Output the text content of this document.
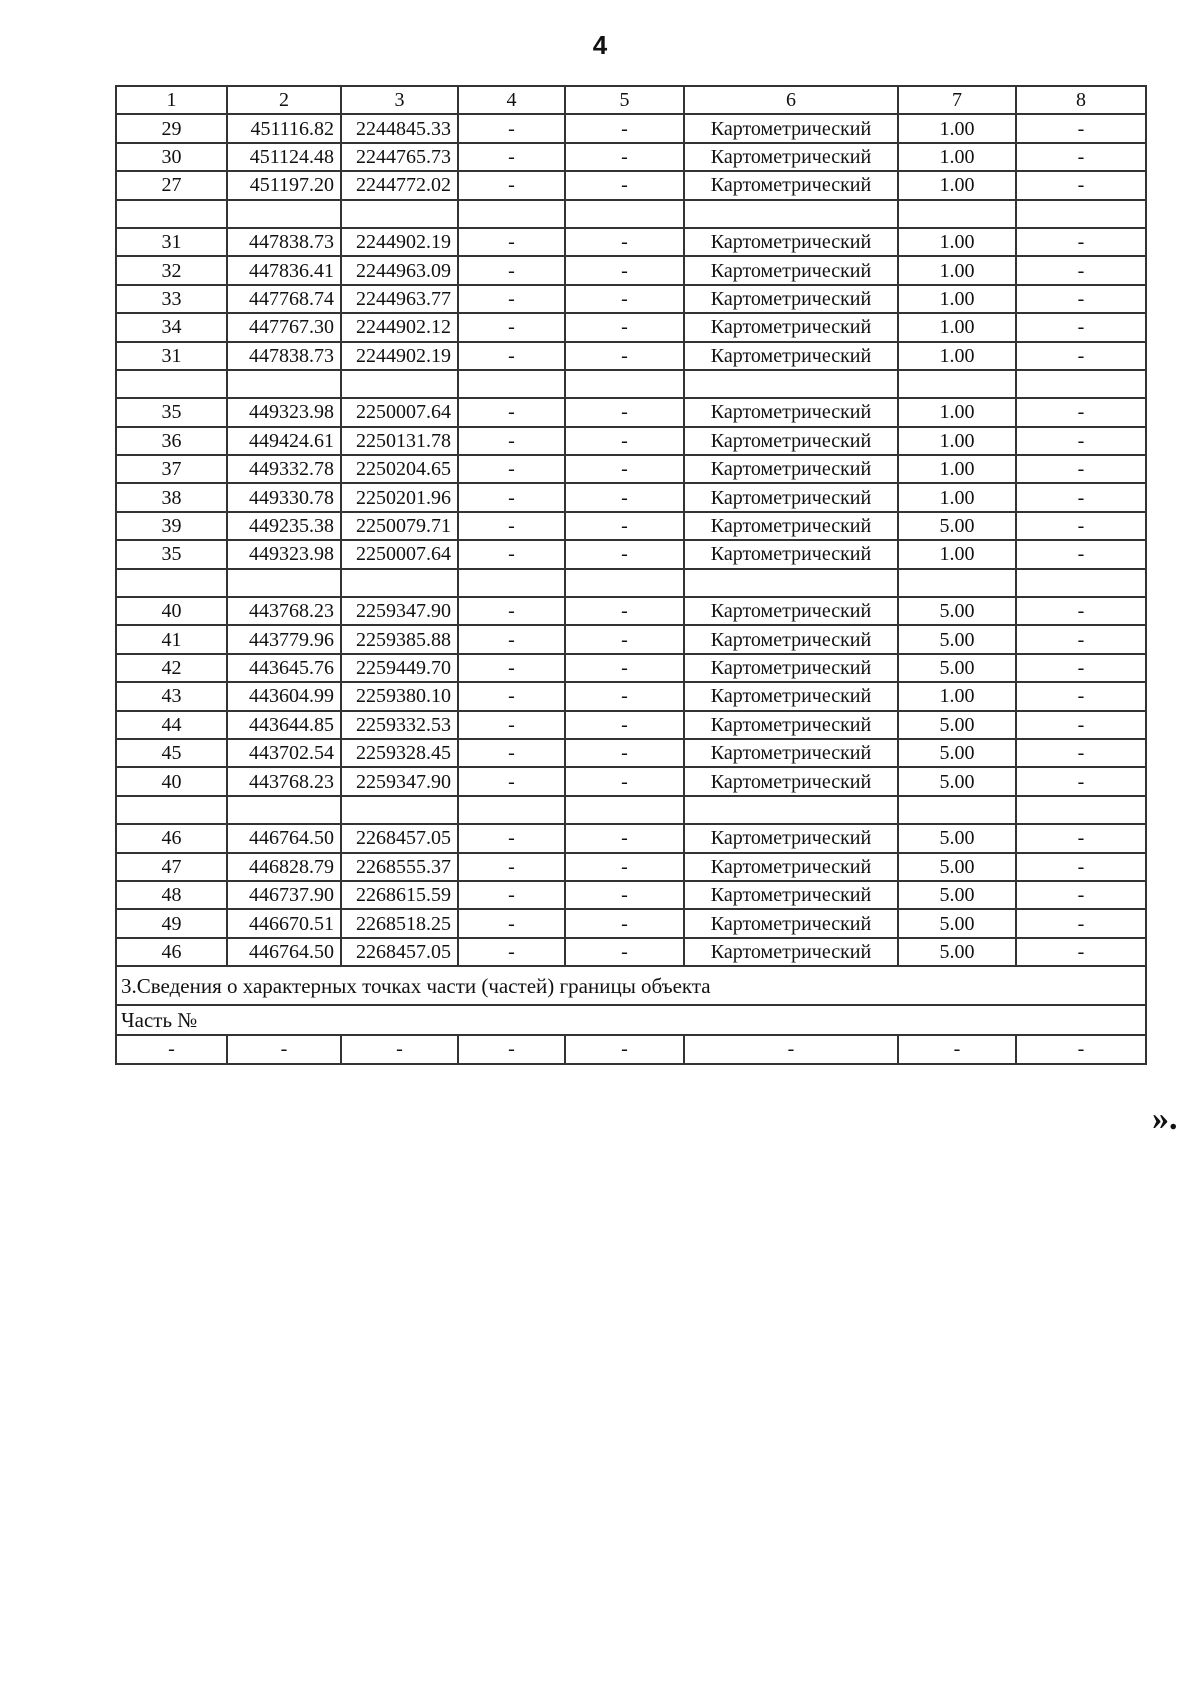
4
1	2	3	4	5	6	7	8
29	451116.82	2244845.33	-	-	Картометрический	1.00	-
30	451124.48	2244765.73	-	-	Картометрический	1.00	-
27	451197.20	2244772.02	-	-	Картометрический	1.00	-

31	447838.73	2244902.19	-	-	Картометрический	1.00	-
32	447836.41	2244963.09	-	-	Картометрический	1.00	-
33	447768.74	2244963.77	-	-	Картометрический	1.00	-
34	447767.30	2244902.12	-	-	Картометрический	1.00	-
31	447838.73	2244902.19	-	-	Картометрический	1.00	-

35	449323.98	2250007.64	-	-	Картометрический	1.00	-
36	449424.61	2250131.78	-	-	Картометрический	1.00	-
37	449332.78	2250204.65	-	-	Картометрический	1.00	-
38	449330.78	2250201.96	-	-	Картометрический	1.00	-
39	449235.38	2250079.71	-	-	Картометрический	5.00	-
35	449323.98	2250007.64	-	-	Картометрический	1.00	-

40	443768.23	2259347.90	-	-	Картометрический	5.00	-
41	443779.96	2259385.88	-	-	Картометрический	5.00	-
42	443645.76	2259449.70	-	-	Картометрический	5.00	-
43	443604.99	2259380.10	-	-	Картометрический	1.00	-
44	443644.85	2259332.53	-	-	Картометрический	5.00	-
45	443702.54	2259328.45	-	-	Картометрический	5.00	-
40	443768.23	2259347.90	-	-	Картометрический	5.00	-

46	446764.50	2268457.05	-	-	Картометрический	5.00	-
47	446828.79	2268555.37	-	-	Картометрический	5.00	-
48	446737.90	2268615.59	-	-	Картометрический	5.00	-
49	446670.51	2268518.25	-	-	Картометрический	5.00	-
46	446764.50	2268457.05	-	-	Картометрический	5.00	-
3.Сведения о характерных точках части (частей) границы объекта							
Часть №							
-	-	-	-	-	-	-	-
».
